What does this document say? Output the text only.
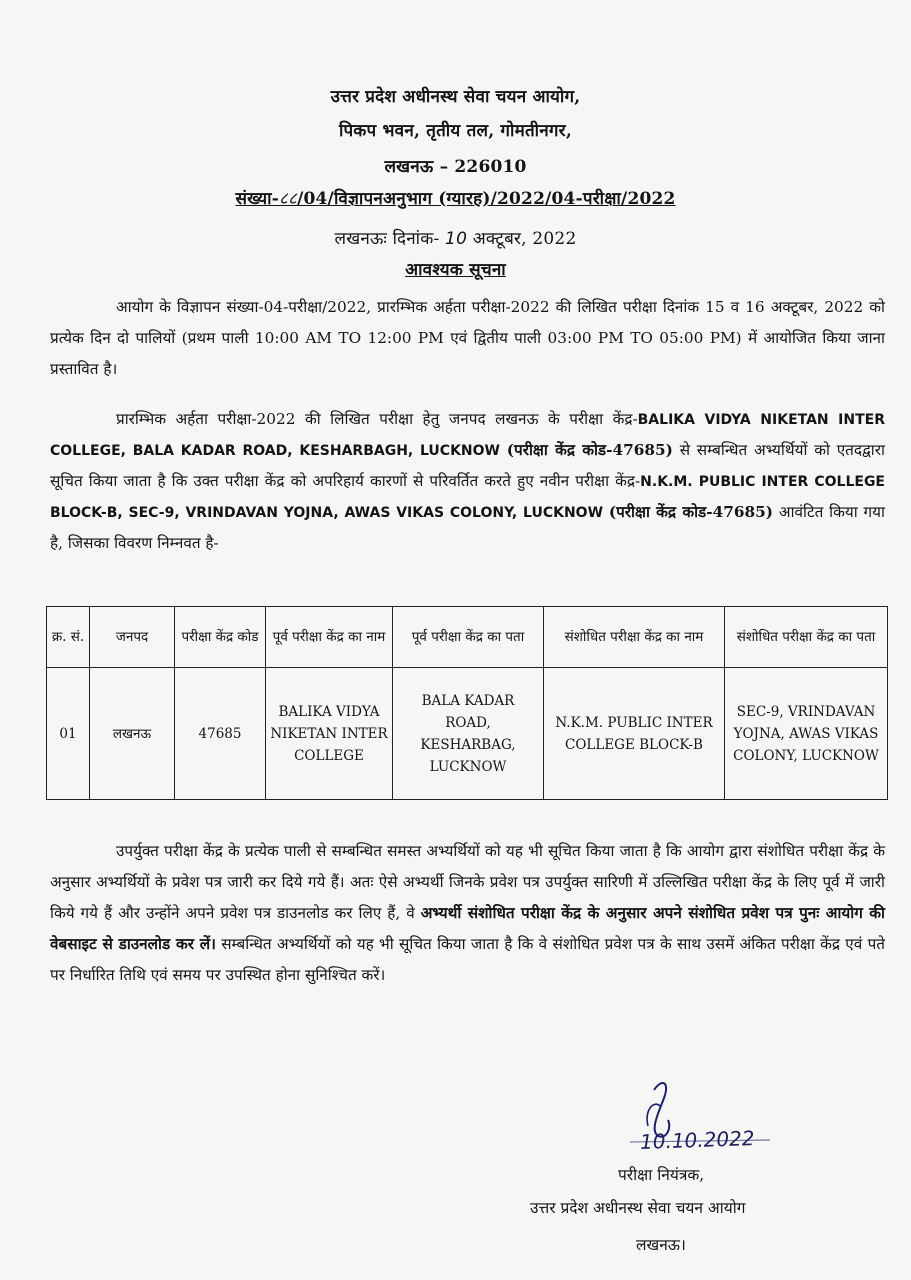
उत्तर प्रदेश अधीनस्थ सेवा चयन आयोग,
पिकप भवन, तृतीय तल, गोमतीनगर,
लखनऊ – 226010
संख्या-८८/04/विज्ञापनअनुभाग (ग्यारह)/2022/04-परीक्षा/2022
लखनऊः दिनांक- 10 अक्टूबर, 2022
आवश्यक सूचना
आयोग के विज्ञापन संख्या-04-परीक्षा/2022, प्रारम्भिक अर्हता परीक्षा-2022 की लिखित परीक्षा दिनांक 15 व 16 अक्टूबर, 2022 को प्रत्येक दिन दो पालियों (प्रथम पाली 10:00 AM TO 12:00 PM एवं द्वितीय पाली 03:00 PM TO 05:00 PM) में आयोजित किया जाना प्रस्तावित है।
प्रारम्भिक अर्हता परीक्षा-2022 की लिखित परीक्षा हेतु जनपद लखनऊ के परीक्षा केंद्र-BALIKA VIDYA NIKETAN INTER COLLEGE, BALA KADAR ROAD, KESHARBAGH, LUCKNOW (परीक्षा केंद्र कोड-47685) से सम्बन्धित अभ्यर्थियों को एतदद्वारा सूचित किया जाता है कि उक्त परीक्षा केंद्र को अपरिहार्य कारणों से परिवर्तित करते हुए नवीन परीक्षा केंद्र-N.K.M. PUBLIC INTER COLLEGE BLOCK-B, SEC-9, VRINDAVAN YOJNA, AWAS VIKAS COLONY, LUCKNOW (परीक्षा केंद्र कोड-47685) आवंटित किया गया है, जिसका विवरण निम्नवत है-
क्र. सं.	जनपद	परीक्षा केंद्र कोड	पूर्व परीक्षा केंद्र का नाम	पूर्व परीक्षा केंद्र का पता	संशोधित परीक्षा केंद्र का नाम	संशोधित परीक्षा केंद्र का पता
01	लखनऊ	47685	BALIKA VIDYA NIKETAN INTER COLLEGE	BALA KADAR ROAD, KESHARBAG, LUCKNOW	N.K.M. PUBLIC INTER COLLEGE BLOCK-B	SEC-9, VRINDAVAN YOJNA, AWAS VIKAS COLONY, LUCKNOW
उपर्युक्त परीक्षा केंद्र के प्रत्येक पाली से सम्बन्धित समस्त अभ्यर्थियों को यह भी सूचित किया जाता है कि आयोग द्वारा संशोधित परीक्षा केंद्र के अनुसार अभ्यर्थियों के प्रवेश पत्र जारी कर दिये गये हैं। अतः ऐसे अभ्यर्थी जिनके प्रवेश पत्र उपर्युक्त सारिणी में उल्लिखित परीक्षा केंद्र के लिए पूर्व में जारी किये गये हैं और उन्होंने अपने प्रवेश पत्र डाउनलोड कर लिए हैं, वे अभ्यर्थी संशोधित परीक्षा केंद्र के अनुसार अपने संशोधित प्रवेश पत्र पुनः आयोग की वेबसाइट से डाउनलोड कर लें। सम्बन्धित अभ्यर्थियों को यह भी सूचित किया जाता है कि वे संशोधित प्रवेश पत्र के साथ उसमें अंकित परीक्षा केंद्र एवं पते पर निर्धारित तिथि एवं समय पर उपस्थित होना सुनिश्चित करें।
10.10.2022
परीक्षा नियंत्रक,
उत्तर प्रदेश अधीनस्थ सेवा चयन आयोग
लखनऊ।
